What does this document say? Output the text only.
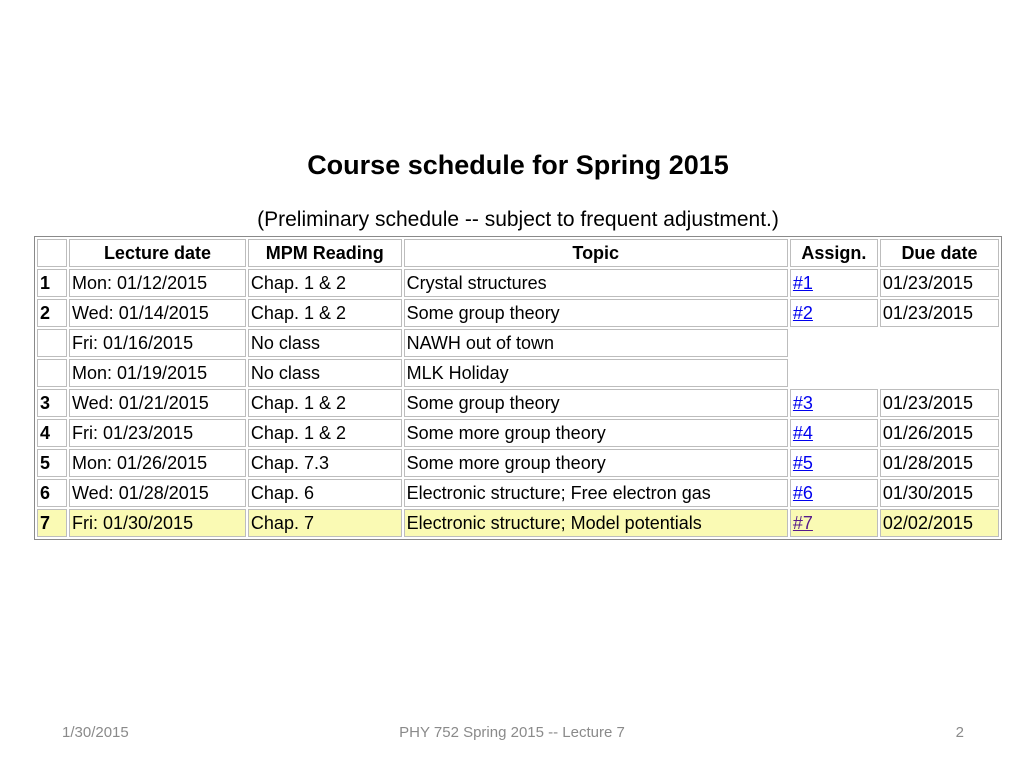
Course schedule for Spring 2015
(Preliminary schedule -- subject to frequent adjustment.)
	Lecture date	MPM Reading	Topic	Assign.	Due date
1	Mon: 01/12/2015	Chap. 1 & 2	Crystal structures	#1	01/23/2015
2	Wed: 01/14/2015	Chap. 1 & 2	Some group theory	#2	01/23/2015
	Fri: 01/16/2015	No class	NAWH out of town		
	Mon: 01/19/2015	No class	MLK Holiday		
3	Wed: 01/21/2015	Chap. 1 & 2	Some group theory	#3	01/23/2015
4	Fri: 01/23/2015	Chap. 1 & 2	Some more group theory	#4	01/26/2015
5	Mon: 01/26/2015	Chap. 7.3	Some more group theory	#5	01/28/2015
6	Wed: 01/28/2015	Chap. 6	Electronic structure; Free electron gas	#6	01/30/2015
7	Fri: 01/30/2015	Chap. 7	Electronic structure; Model potentials	#7	02/02/2015
1/30/2015	PHY 752 Spring 2015 -- Lecture 7	2
